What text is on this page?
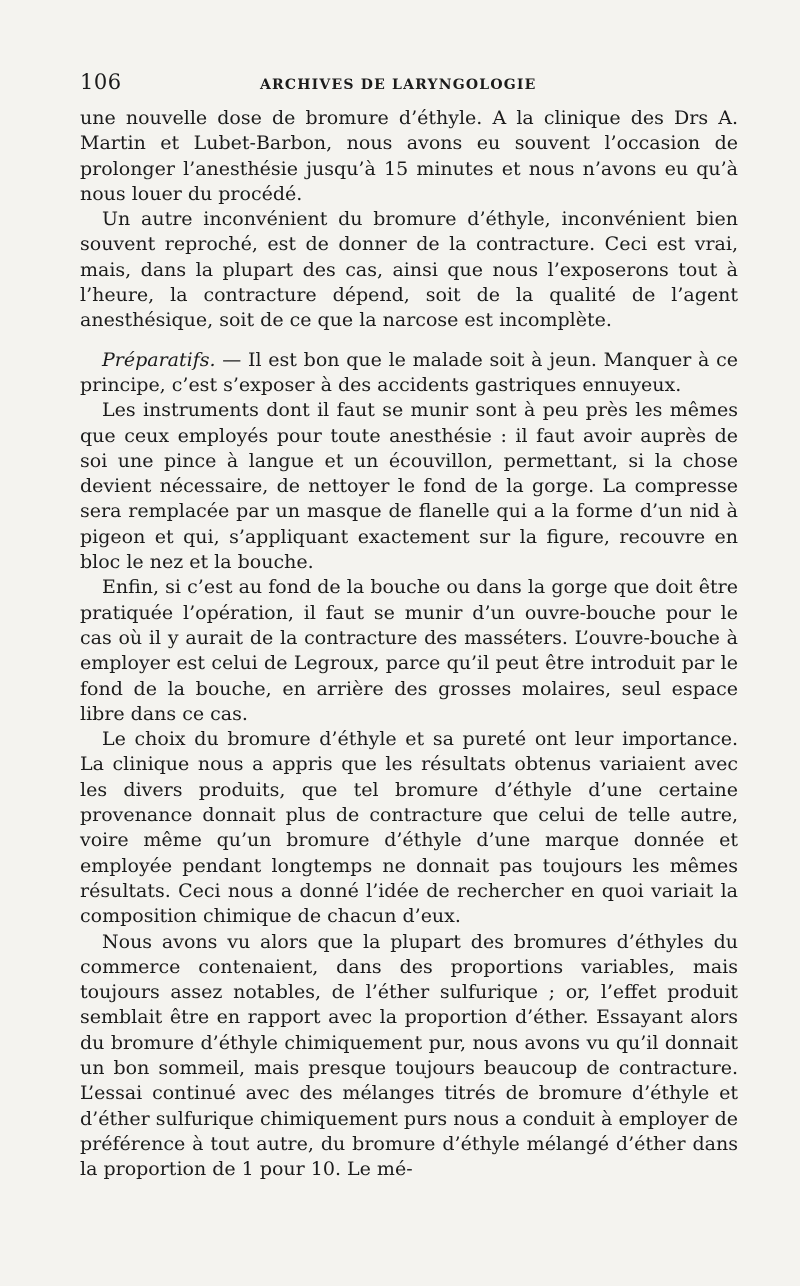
106	ARCHIVES DE LARYNGOLOGIE

une nouvelle dose de bromure d’éthyle. A la clinique des Drs A. Martin et Lubet-Barbon, nous avons eu souvent l’occasion de prolonger l’anesthésie jusqu’à 15 minutes et nous n’avons eu qu’à nous louer du procédé.

Un autre inconvénient du bromure d’éthyle, inconvénient bien souvent reproché, est de donner de la contracture. Ceci est vrai, mais, dans la plupart des cas, ainsi que nous l’exposerons tout à l’heure, la contracture dépend, soit de la qualité de l’agent anesthésique, soit de ce que la narcose est incomplète.

Préparatifs. — Il est bon que le malade soit à jeun. Manquer à ce principe, c’est s’exposer à des accidents gastriques ennuyeux.

Les instruments dont il faut se munir sont à peu près les mêmes que ceux employés pour toute anesthésie : il faut avoir auprès de soi une pince à langue et un écouvillon, permettant, si la chose devient nécessaire, de nettoyer le fond de la gorge. La compresse sera remplacée par un masque de flanelle qui a la forme d’un nid à pigeon et qui, s’appliquant exactement sur la figure, recouvre en bloc le nez et la bouche.

Enfin, si c’est au fond de la bouche ou dans la gorge que doit être pratiquée l’opération, il faut se munir d’un ouvre-bouche pour le cas où il y aurait de la contracture des masséters. L’ouvre-bouche à employer est celui de Legroux, parce qu’il peut être introduit par le fond de la bouche, en arrière des grosses molaires, seul espace libre dans ce cas.

Le choix du bromure d’éthyle et sa pureté ont leur importance. La clinique nous a appris que les résultats obtenus variaient avec les divers produits, que tel bromure d’éthyle d’une certaine provenance donnait plus de contracture que celui de telle autre, voire même qu’un bromure d’éthyle d’une marque donnée et employée pendant longtemps ne donnait pas toujours les mêmes résultats. Ceci nous a donné l’idée de rechercher en quoi variait la composition chimique de chacun d’eux.

Nous avons vu alors que la plupart des bromures d’éthyles du commerce contenaient, dans des proportions variables, mais toujours assez notables, de l’éther sulfurique ; or, l’effet produit semblait être en rapport avec la proportion d’éther. Essayant alors du bromure d’éthyle chimiquement pur, nous avons vu qu’il donnait un bon sommeil, mais presque toujours beaucoup de contracture. L’essai continué avec des mélanges titrés de bromure d’éthyle et d’éther sulfurique chimiquement purs nous a conduit à employer de préférence à tout autre, du bromure d’éthyle mélangé d’éther dans la proportion de 1 pour 10. Le mé-
